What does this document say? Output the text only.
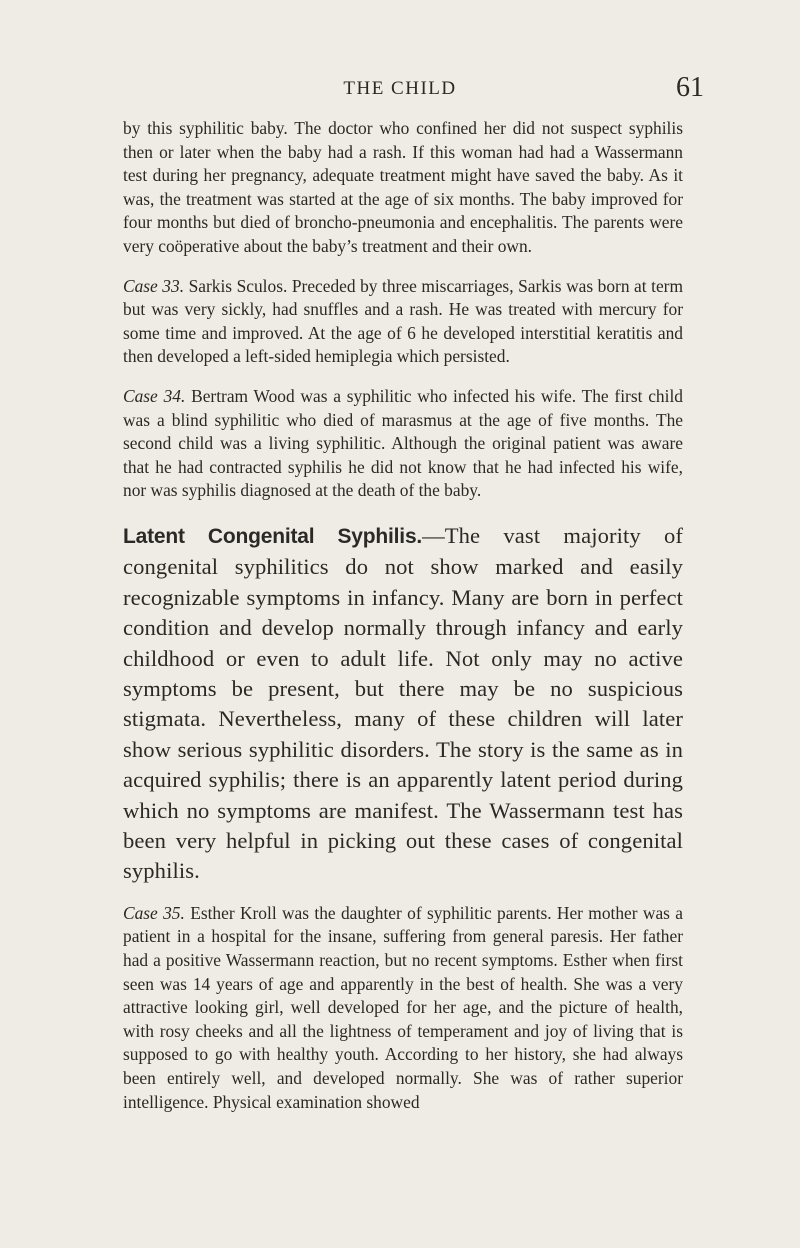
THE CHILD	61

by this syphilitic baby. The doctor who confined her did not suspect syphilis then or later when the baby had a rash. If this woman had had a Wassermann test during her pregnancy, adequate treatment might have saved the baby. As it was, the treatment was started at the age of six months. The baby improved for four months but died of broncho-pneumonia and encephalitis. The parents were very coöperative about the baby’s treatment and their own.

Case 33. Sarkis Sculos. Preceded by three miscarriages, Sarkis was born at term but was very sickly, had snuffles and a rash. He was treated with mercury for some time and improved. At the age of 6 he developed interstitial keratitis and then developed a left-sided hemiplegia which persisted.

Case 34. Bertram Wood was a syphilitic who infected his wife. The first child was a blind syphilitic who died of marasmus at the age of five months. The second child was a living syphilitic. Although the original patient was aware that he had contracted syphilis he did not know that he had infected his wife, nor was syphilis diagnosed at the death of the baby.

Latent Congenital Syphilis.—The vast majority of congenital syphilitics do not show marked and easily recognizable symptoms in infancy. Many are born in perfect condition and develop normally through infancy and early childhood or even to adult life. Not only may no active symptoms be present, but there may be no suspicious stigmata. Nevertheless, many of these children will later show serious syphilitic disorders. The story is the same as in acquired syphilis; there is an apparently latent period during which no symptoms are manifest. The Wassermann test has been very helpful in picking out these cases of congenital syphilis.

Case 35. Esther Kroll was the daughter of syphilitic parents. Her mother was a patient in a hospital for the insane, suffering from general paresis. Her father had a positive Wassermann reaction, but no recent symptoms. Esther when first seen was 14 years of age and apparently in the best of health. She was a very attractive looking girl, well developed for her age, and the picture of health, with rosy cheeks and all the lightness of temperament and joy of living that is supposed to go with healthy youth. According to her history, she had always been entirely well, and developed normally. She was of rather superior intelligence. Physical examination showed
